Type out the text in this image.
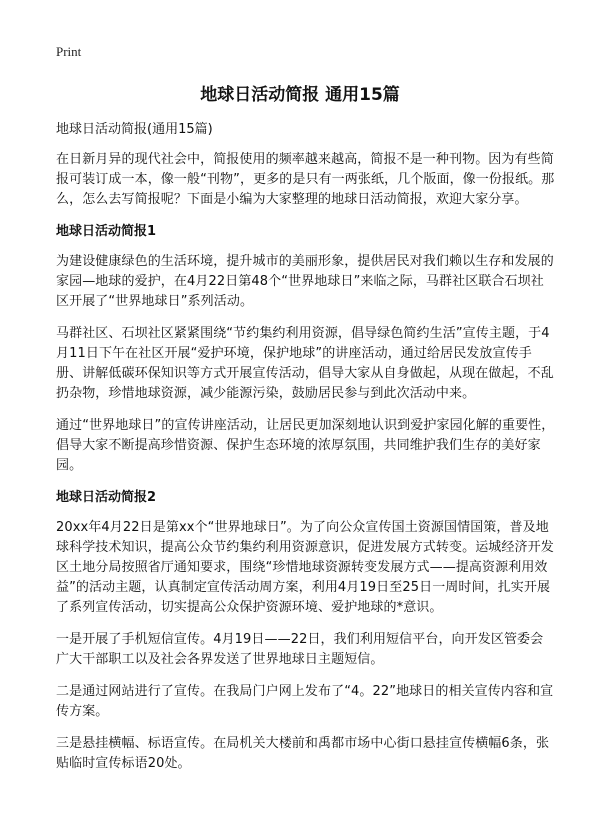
Print
地球日活动简报 通用15篇

地球日活动简报(通用15篇)

在日新月异的现代社会中，简报使用的频率越来越高，简报不是一种刊物。因为有些简报可装订成一本，像一般“刊物”，更多的是只有一两张纸，几个版面，像一份报纸。那么，怎么去写简报呢？下面是小编为大家整理的地球日活动简报，欢迎大家分享。

地球日活动简报1

为建设健康绿色的生活环境，提升城市的美丽形象，提供居民对我们赖以生存和发展的家园—地球的爱护，在4月22日第48个“世界地球日”来临之际，马群社区联合石坝社区开展了“世界地球日”系列活动。

马群社区、石坝社区紧紧围绕“节约集约利用资源，倡导绿色简约生活”宣传主题，于4月11日下午在社区开展“爱护环境，保护地球”的讲座活动，通过给居民发放宣传手册、讲解低碳环保知识等方式开展宣传活动，倡导大家从自身做起，从现在做起，不乱扔杂物，珍惜地球资源，减少能源污染，鼓励居民参与到此次活动中来。

通过“世界地球日”的宣传讲座活动，让居民更加深刻地认识到爱护家园化解的重要性，倡导大家不断提高珍惜资源、保护生态环境的浓厚氛围，共同维护我们生存的美好家园。

地球日活动简报2

20xx年4月22日是第xx个“世界地球日”。为了向公众宣传国土资源国情国策，普及地球科学技术知识，提高公众节约集约利用资源意识，促进发展方式转变。运城经济开发区土地分局按照省厅通知要求，围绕“珍惜地球资源转变发展方式——提高资源利用效益”的活动主题，认真制定宣传活动周方案，利用4月19日至25日一周时间，扎实开展了系列宣传活动，切实提高公众保护资源环境、爱护地球的*意识。

一是开展了手机短信宣传。4月19日——22日，我们利用短信平台，向开发区管委会广大干部职工以及社会各界发送了世界地球日主题短信。

二是通过网站进行了宣传。在我局门户网上发布了“4。22”地球日的相关宣传内容和宣传方案。

三是悬挂横幅、标语宣传。在局机关大楼前和禹都市场中心街口悬挂宣传横幅6条，张贴临时宣传标语20处。
